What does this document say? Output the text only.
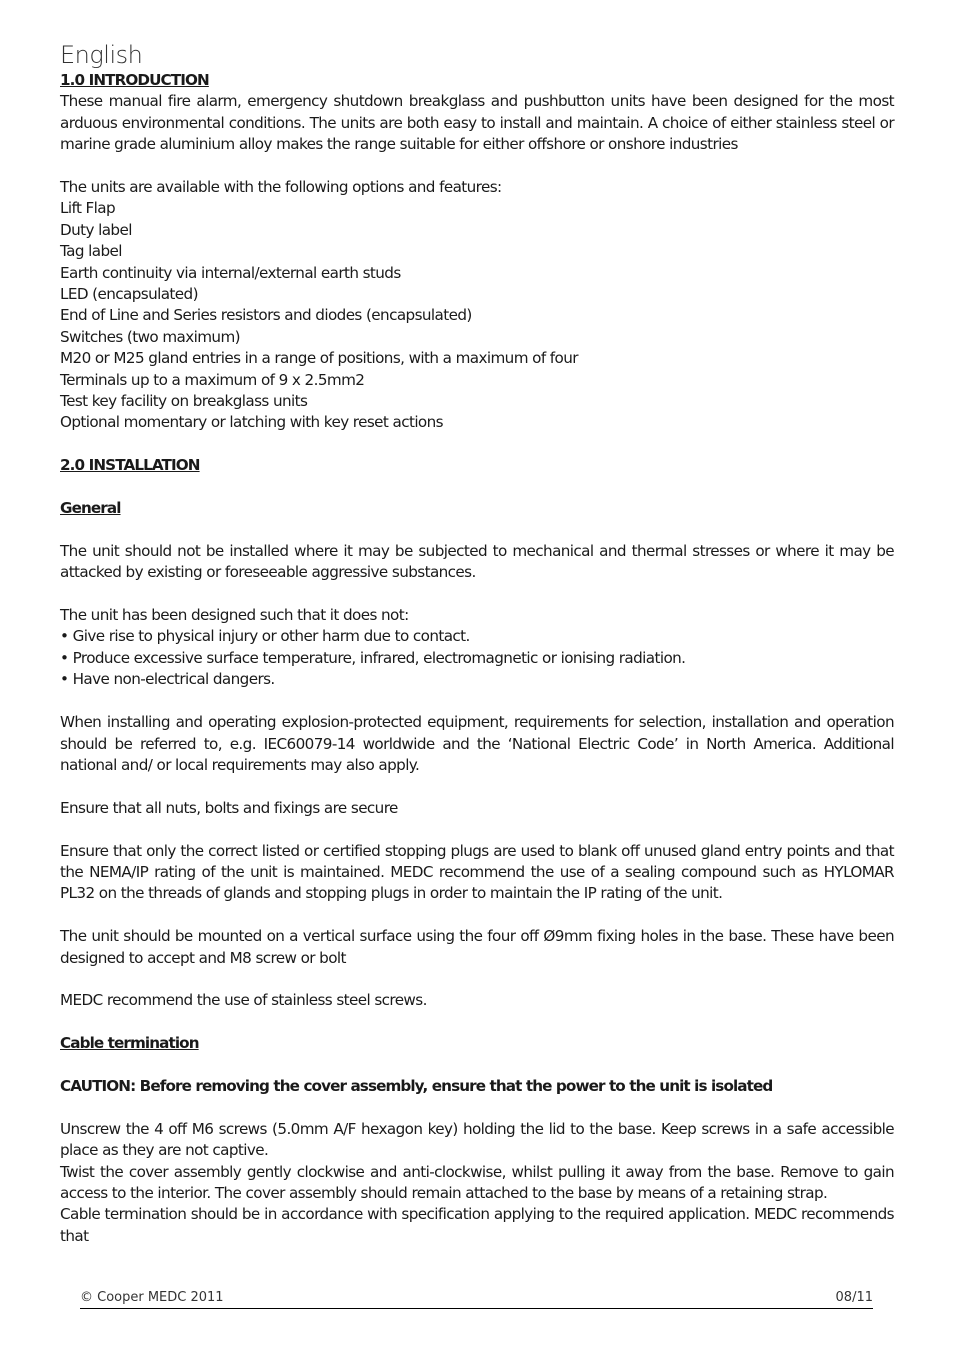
English

1.0 INTRODUCTION

These manual fire alarm, emergency shutdown breakglass and pushbutton units have been designed for the most arduous environmental conditions. The units are both easy to install and maintain. A choice of either stainless steel or marine grade aluminium alloy makes the range suitable for either offshore or onshore industries

The units are available with the following options and features:

Lift Flap
Duty label
Tag label
Earth continuity via internal/external earth studs
LED (encapsulated)
End of Line and Series resistors and diodes (encapsulated)
Switches (two maximum)
M20 or M25 gland entries in a range of positions, with a maximum of four
Terminals up to a maximum of 9 x 2.5mm2
Test key facility on breakglass units
Optional momentary or latching with key reset actions

2.0 INSTALLATION

General

The unit should not be installed where it may be subjected to mechanical and thermal stresses or where it may be attacked by existing or foreseeable aggressive substances.

The unit has been designed such that it does not:

• Give rise to physical injury or other harm due to contact.
• Produce excessive surface temperature, infrared, electromagnetic or ionising radiation.
• Have non-electrical dangers.

When installing and operating explosion-protected equipment, requirements for selection, installation and operation should be referred to, e.g. IEC60079-14 worldwide and the ‘National Electric Code’ in North America. Additional national and/ or local requirements may also apply.

Ensure that all nuts, bolts and fixings are secure

Ensure that only the correct listed or certified stopping plugs are used to blank off unused gland entry points and that the NEMA/IP rating of the unit is maintained. MEDC recommend the use of a sealing compound such as HYLOMAR PL32 on the threads of glands and stopping plugs in order to maintain the IP rating of the unit.

The unit should be mounted on a vertical surface using the four off Ø9mm fixing holes in the base. These have been designed to accept and M8 screw or bolt

MEDC recommend the use of stainless steel screws.

Cable termination

CAUTION: Before removing the cover assembly, ensure that the power to the unit is isolated

Unscrew the 4 off M6 screws (5.0mm A/F hexagon key) holding the lid to the base. Keep screws in a safe accessible place as they are not captive.

Twist the cover assembly gently clockwise and anti-clockwise, whilst pulling it away from the base. Remove to gain access to the interior. The cover assembly should remain attached to the base by means of a retaining strap.

Cable termination should be in accordance with specification applying to the required application. MEDC recommends that

© Cooper MEDC 2011	08/11
